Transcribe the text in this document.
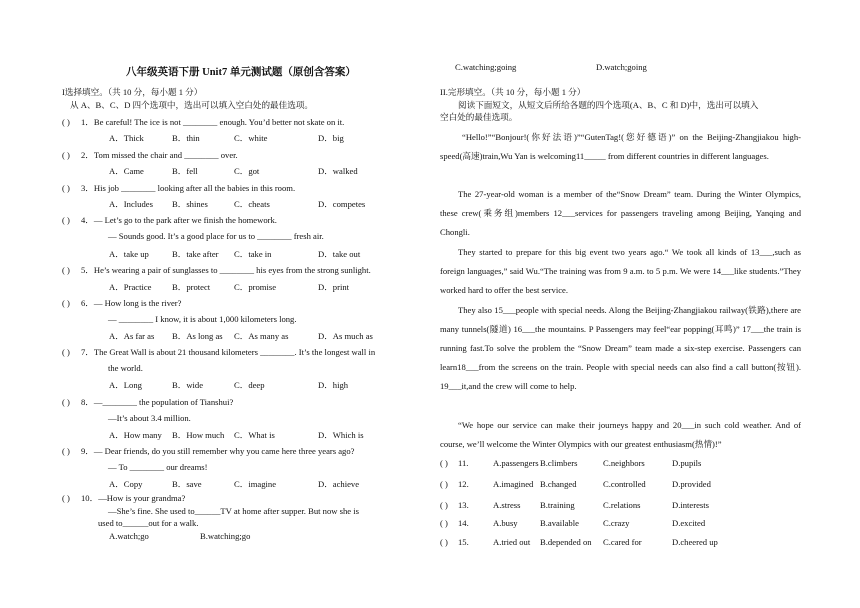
八年级英语下册 Unit7 单元测试题（原创含答案）
I选择填空。（共 10 分，每小题 1 分）
从 A、B、C、D 四个选项中，选出可以填入空白处的最佳选项。
( ) 1．Be careful! The ice is not ________ enough. You’d better not skate on it.
A．Thick	B．thin	C．white	D．big
( ) 2．Tom missed the chair and ________ over.
A．Came	B．fell	C．got	D．walked
( ) 3．His job ________ looking after all the babies in this room.
A．Includes B．shines	C．cheats	D．competes
( ) 4．— Let’s go to the park after we finish the homework.
— Sounds good. It’s a good place for us to ________ fresh air.
A．take up	B．take after C．take in	D．take out
( ) 5．He’s wearing a pair of sunglasses to ________ his eyes from the strong sunlight.
A．Practice B．protect	C．promise	D．print
( ) 6．— How long is the river?
— ________ I know, it is about 1,000 kilometers long.
A．As far as B．As long as C．As many as	D．As much as
( ) 7．The Great Wall is about 21 thousand kilometers ________. It’s the longest wall in
the world.
A．Long	B．wide	C．deep	D．high
( ) 8．—________ the population of Tianshui?
—It’s about 3.4 million.
A．How many B．How much C．What is	D．Which is
( ) 9．— Dear friends, do you still remember why you came here three years ago?
— To ________ our dreams!
A．Copy	B．save	C．imagine	D．achieve
( ) 10．—How is your grandma?
—She’s fine. She used to______TV at home after supper. But now she is
used to______out for a walk.
A.watch;go	B.watching;go
C.watching;going	D.watch;going
II.完形填空。（共 10 分，每小题 1 分）
阅读下面短文，从短文后所给各题的四个选项(A、B、C 和 D)中，选出可以填入
空白处的最佳选项。
“Hello!”“Bonjour!(你好法语)”“GutenTag!(您好德语)” on the Beijing-Zhangjiakou high-speed(高速)train,Wu Yan is welcoming11_____ from different countries in different languages.
The 27-year-old woman is a member of the“Snow Dream” team. During the Winter Olympics, these crew(乘务组)members 12___services for passengers traveling among Beijing, Yanqing and Chongli.
They started to prepare for this big event two years ago.“ We took all kinds of 13___,such as foreign languages,” said Wu.“The training was from 9 a.m. to 5 p.m. We were 14___like students.”They worked hard to offer the best service.
They also 15___people with special needs. Along the Beijing-Zhangjiakou railway(铁路),there are many tunnels(隧道) 16___the mountains. P Passengers may feel“ear popping(耳鸣)” 17___the train is running fast.To solve the problem the “Snow Dream” team made a six-step exercise. Passengers can learn18___from the screens on the train. People with special needs can also find a call button(按钮). 19___it,and the crew will come to help.
“We hope our service can make their journeys happy and 20___in such cold weather. And of course, we’ll welcome the Winter Olympics with our greatest enthusiasm(热情)!”
( ) 11.	A.passengers B.climbers	C.neighbors	D.pupils
( ) 12.	A.imagined B.changed	C.controlled	D.provided
( ) 13.	A.stress B.training	C.relations	D.interests
( ) 14.	A.busy	B.available	C.crazy	D.excited
( ) 15.	A.tried out B.depended on C.cared for	D.cheered up
